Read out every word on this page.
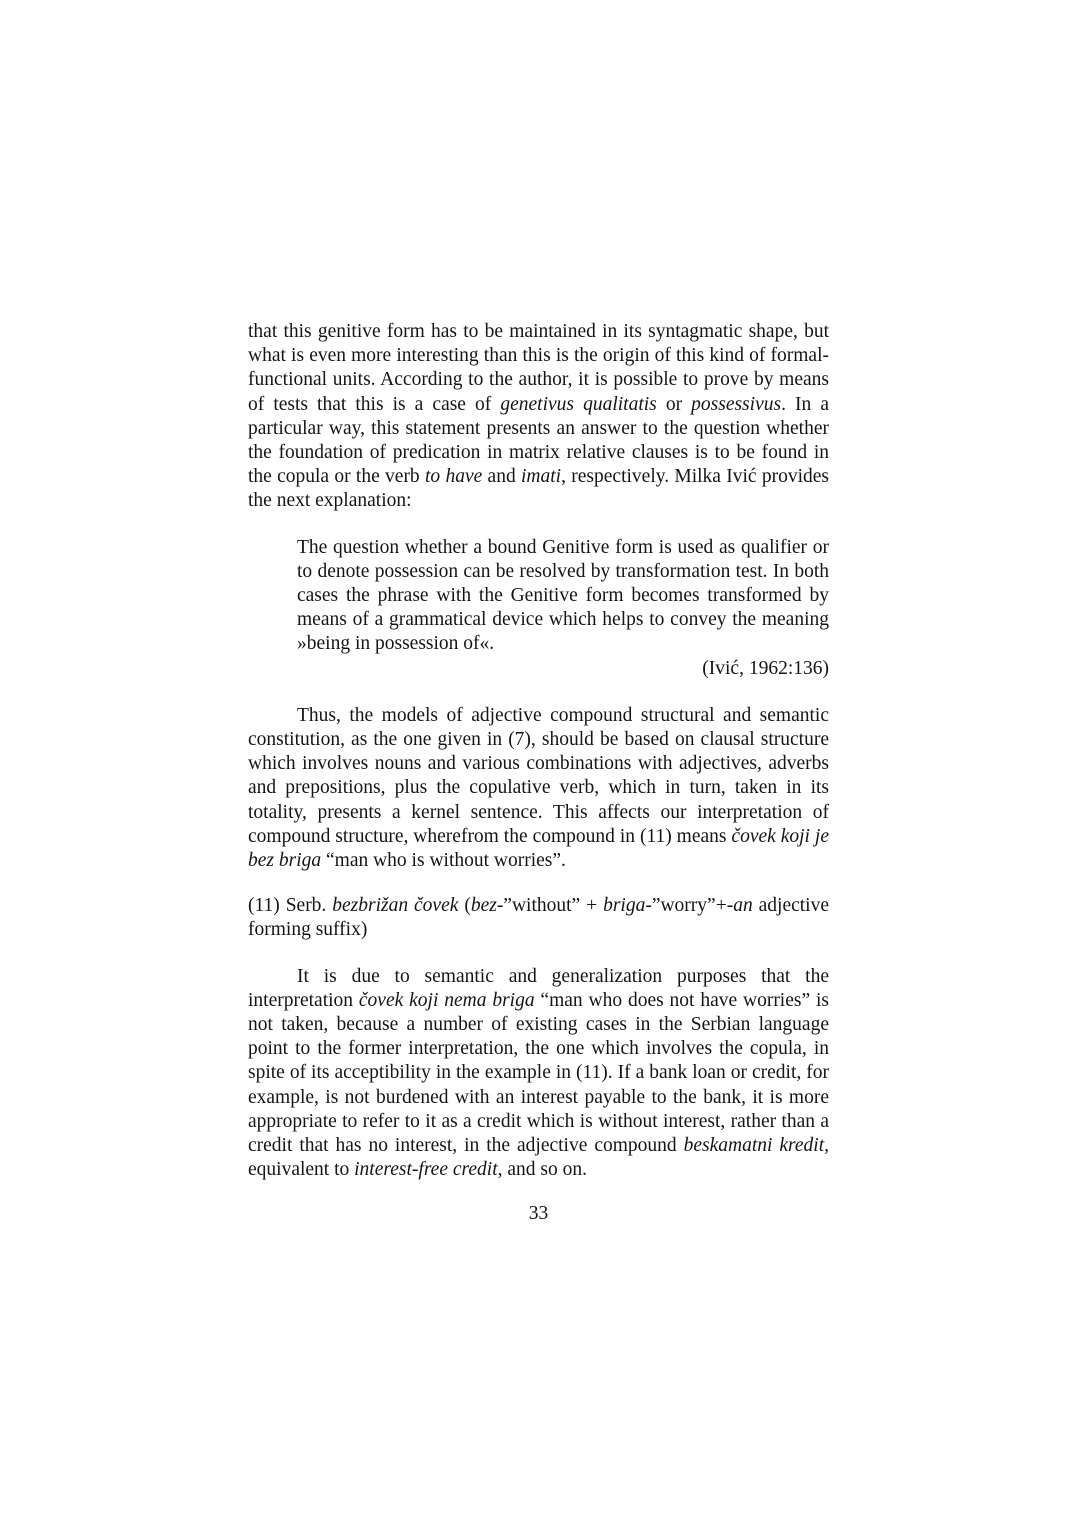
that this genitive form has to be maintained in its syntagmatic shape, but what is even more interesting than this is the origin of this kind of formal-functional units. According to the author, it is possible to prove by means of tests that this is a case of genetivus qualitatis or possessivus. In a particular way, this statement presents an answer to the question whether the foundation of predication in matrix relative clauses is to be found in the copula or the verb to have and imati, respectively. Milka Ivić provides the next explanation:

The question whether a bound Genitive form is used as qualifier or to denote possession can be resolved by transformation test. In both cases the phrase with the Genitive form becomes transformed by means of a grammatical device which helps to convey the meaning »being in possession of«.
(Ivić, 1962:136)

Thus, the models of adjective compound structural and semantic constitution, as the one given in (7), should be based on clausal structure which involves nouns and various combinations with adjectives, adverbs and prepositions, plus the copulative verb, which in turn, taken in its totality, presents a kernel sentence. This affects our interpretation of compound structure, wherefrom the compound in (11) means čovek koji je bez briga “man who is without worries”.

(11) Serb. bezbrižan čovek (bez-”without” + briga-”worry”+-an adjective forming suffix)

It is due to semantic and generalization purposes that the interpretation čovek koji nema briga “man who does not have worries” is not taken, because a number of existing cases in the Serbian language point to the former interpretation, the one which involves the copula, in spite of its acceptibility in the example in (11). If a bank loan or credit, for example, is not burdened with an interest payable to the bank, it is more appropriate to refer to it as a credit which is without interest, rather than a credit that has no interest, in the adjective compound beskamatni kredit, equivalent to interest-free credit, and so on.

33
